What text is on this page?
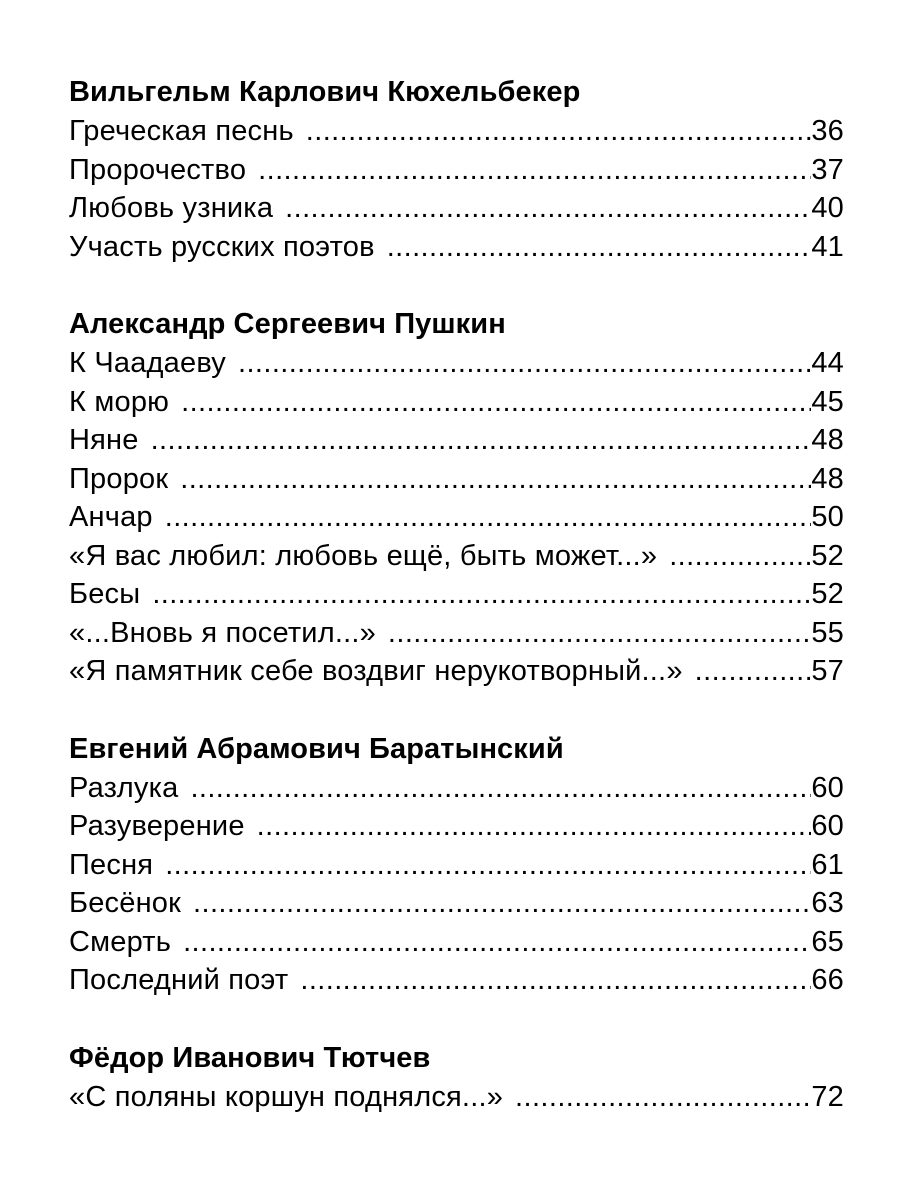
Вильгельм Карлович Кюхельбекер
Греческая песнь .....	36
Пророчество .....	37
Любовь узника .....	40
Участь русских поэтов .....	41
Александр Сергеевич Пушкин
К Чаадаеву .....	44
К морю .....	45
Няне .....	48
Пророк .....	48
Анчар .....	50
«Я вас любил: любовь ещё, быть может...» .....	52
Бесы .....	52
«...Вновь я посетил...» .....	55
«Я памятник себе воздвиг нерукотворный...» .....	57
Евгений Абрамович Баратынский
Разлука .....	60
Разуверение .....	60
Песня .....	61
Бесёнок .....	63
Смерть .....	65
Последний поэт .....	66
Фёдор Иванович Тютчев
«С поляны коршун поднялся...» .....	72
